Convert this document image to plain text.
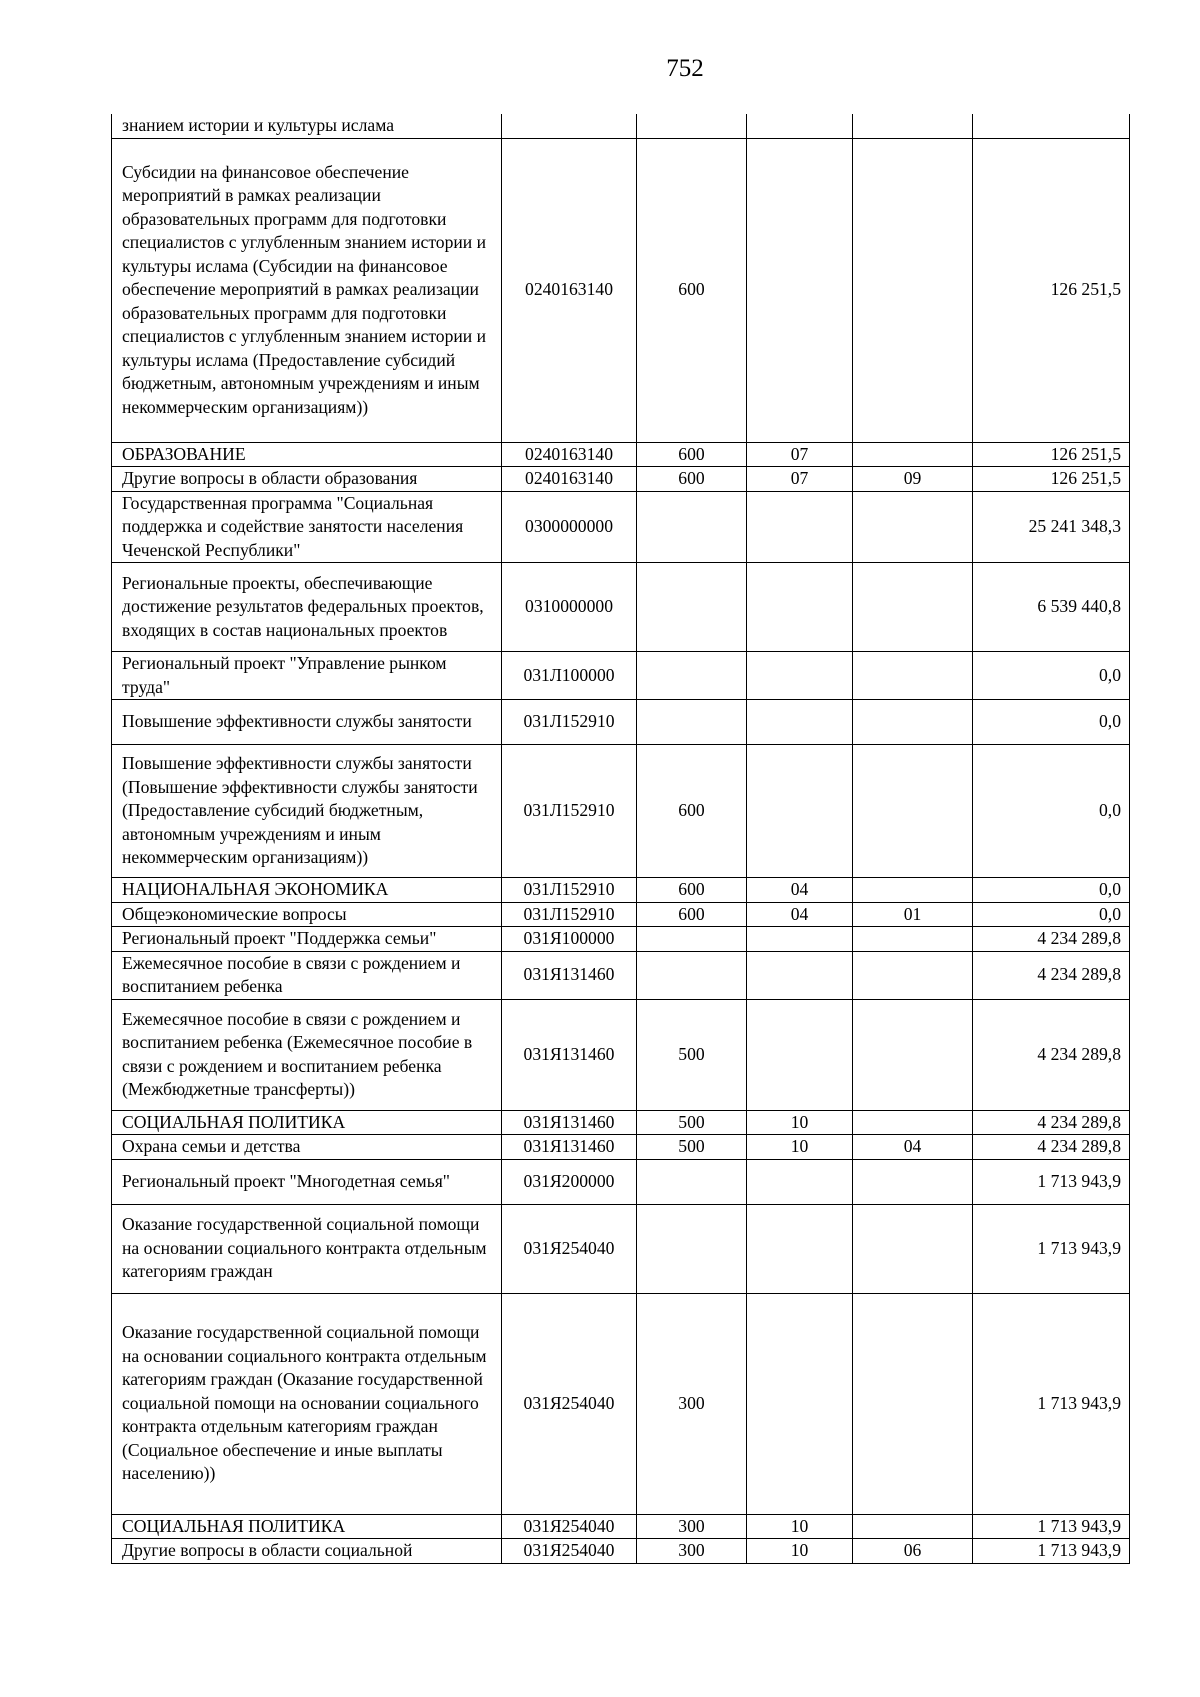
752
знанием истории и культуры ислама					
Субсидии на финансовое обеспечение мероприятий в рамках реализации образовательных программ для подготовки специалистов с углубленным знанием истории и культуры ислама (Субсидии на финансовое обеспечение мероприятий в рамках реализации образовательных программ для подготовки специалистов с углубленным знанием истории и культуры ислама (Предоставление субсидий бюджетным, автономным учреждениям и иным некоммерческим организациям))	0240163140	600			126 251,5
ОБРАЗОВАНИЕ	0240163140	600	07		126 251,5
Другие вопросы в области образования	0240163140	600	07	09	126 251,5
Государственная программа "Социальная поддержка и содействие занятости населения Чеченской Республики"	0300000000				25 241 348,3
Региональные проекты, обеспечивающие достижение результатов федеральных проектов, входящих в состав национальных проектов	0310000000				6 539 440,8
Региональный проект "Управление рынком труда"	031Л100000				0,0
Повышение эффективности службы занятости	031Л152910				0,0
Повышение эффективности службы занятости (Повышение эффективности службы занятости (Предоставление субсидий бюджетным, автономным учреждениям и иным некоммерческим организациям))	031Л152910	600			0,0
НАЦИОНАЛЬНАЯ ЭКОНОМИКА	031Л152910	600	04		0,0
Общеэкономические вопросы	031Л152910	600	04	01	0,0
Региональный проект "Поддержка семьи"	031Я100000				4 234 289,8
Ежемесячное пособие в связи с рождением и воспитанием ребенка	031Я131460				4 234 289,8
Ежемесячное пособие в связи с рождением и воспитанием ребенка (Ежемесячное пособие в связи с рождением и воспитанием ребенка (Межбюджетные трансферты))	031Я131460	500			4 234 289,8
СОЦИАЛЬНАЯ ПОЛИТИКА	031Я131460	500	10		4 234 289,8
Охрана семьи и детства	031Я131460	500	10	04	4 234 289,8
Региональный проект "Многодетная семья"	031Я200000				1 713 943,9
Оказание государственной социальной помощи на основании социального контракта отдельным категориям граждан	031Я254040				1 713 943,9
Оказание государственной социальной помощи на основании социального контракта отдельным категориям граждан (Оказание государственной социальной помощи на основании социального контракта отдельным категориям граждан (Социальное обеспечение и иные выплаты населению))	031Я254040	300			1 713 943,9
СОЦИАЛЬНАЯ ПОЛИТИКА	031Я254040	300	10		1 713 943,9
Другие вопросы в области социальной	031Я254040	300	10	06	1 713 943,9
